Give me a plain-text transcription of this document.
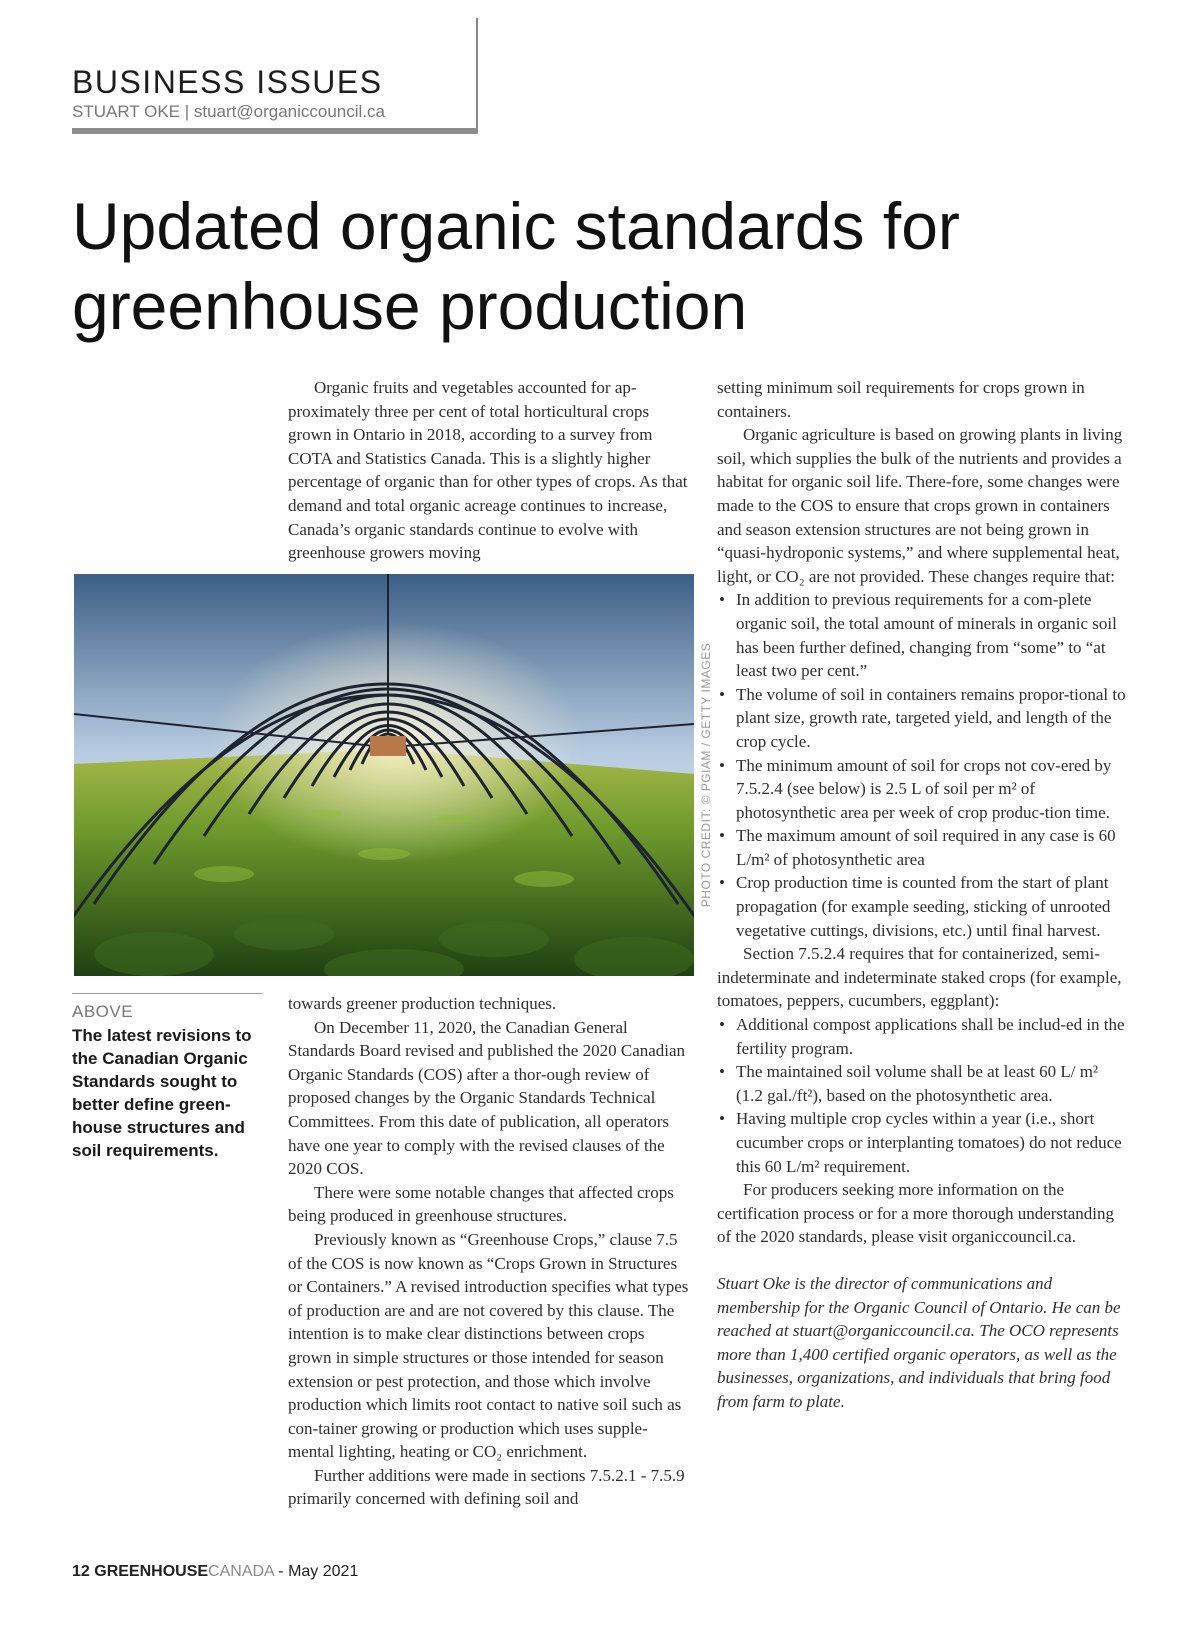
BUSINESS ISSUES
STUART OKE | stuart@organiccouncil.ca
Updated organic standards for greenhouse production

Organic fruits and vegetables accounted for ap-proximately three per cent of total horticultural crops grown in Ontario in 2018, according to a survey from COTA and Statistics Canada. This is a slightly higher percentage of organic than for other types of crops. As that demand and total organic acreage continues to increase, Canada’s organic standards continue to evolve with greenhouse growers moving

PHOTO CREDIT: © PGIAM / GETTY IMAGES
ABOVE
The latest revisions to the Canadian Organic Standards sought to better define green-house structures and soil requirements.

towards greener production techniques.

On December 11, 2020, the Canadian General Standards Board revised and published the 2020 Canadian Organic Standards (COS) after a thor-ough review of proposed changes by the Organic Standards Technical Committees. From this date of publication, all operators have one year to comply with the revised clauses of the 2020 COS.

There were some notable changes that affected crops being produced in greenhouse structures.

Previously known as “Greenhouse Crops,” clause 7.5 of the COS is now known as “Crops Grown in Structures or Containers.” A revised introduction specifies what types of production are and are not covered by this clause. The intention is to make clear distinctions between crops grown in simple structures or those intended for season extension or pest protection, and those which involve production which limits root contact to native soil such as con-tainer growing or production which uses supple-mental lighting, heating or CO₂ enrichment.

Further additions were made in sections 7.5.2.1 - 7.5.9 primarily concerned with defining soil and

setting minimum soil requirements for crops grown in containers.

Organic agriculture is based on growing plants in living soil, which supplies the bulk of the nutrients and provides a habitat for organic soil life. There-fore, some changes were made to the COS to ensure that crops grown in containers and season extension structures are not being grown in “quasi-hydroponic systems,” and where supplemental heat, light, or CO₂ are not provided. These changes require that:

• In addition to previous requirements for a com-plete organic soil, the total amount of minerals in organic soil has been further defined, changing from “some” to “at least two per cent.”
• The volume of soil in containers remains propor-tional to plant size, growth rate, targeted yield, and length of the crop cycle.
• The minimum amount of soil for crops not cov-ered by 7.5.2.4 (see below) is 2.5 L of soil per m² of photosynthetic area per week of crop produc-tion time.
• The maximum amount of soil required in any case is 60 L/m² of photosynthetic area
• Crop production time is counted from the start of plant propagation (for example seeding, sticking of unrooted vegetative cuttings, divisions, etc.) until final harvest.

Section 7.5.2.4 requires that for containerized, semi-indeterminate and indeterminate staked crops (for example, tomatoes, peppers, cucumbers, eggplant):

• Additional compost applications shall be includ-ed in the fertility program.
• The maintained soil volume shall be at least 60 L/ m² (1.2 gal./ft²), based on the photosynthetic area.
• Having multiple crop cycles within a year (i.e., short cucumber crops or interplanting tomatoes) do not reduce this 60 L/m² requirement.

For producers seeking more information on the certification process or for a more thorough understanding of the 2020 standards, please visit organiccouncil.ca.

Stuart Oke is the director of communications and membership for the Organic Council of Ontario. He can be reached at stuart@organiccouncil.ca. The OCO represents more than 1,400 certified organic operators, as well as the businesses, organizations, and individuals that bring food from farm to plate.

12 GREENHOUSECANADA - May 2021
